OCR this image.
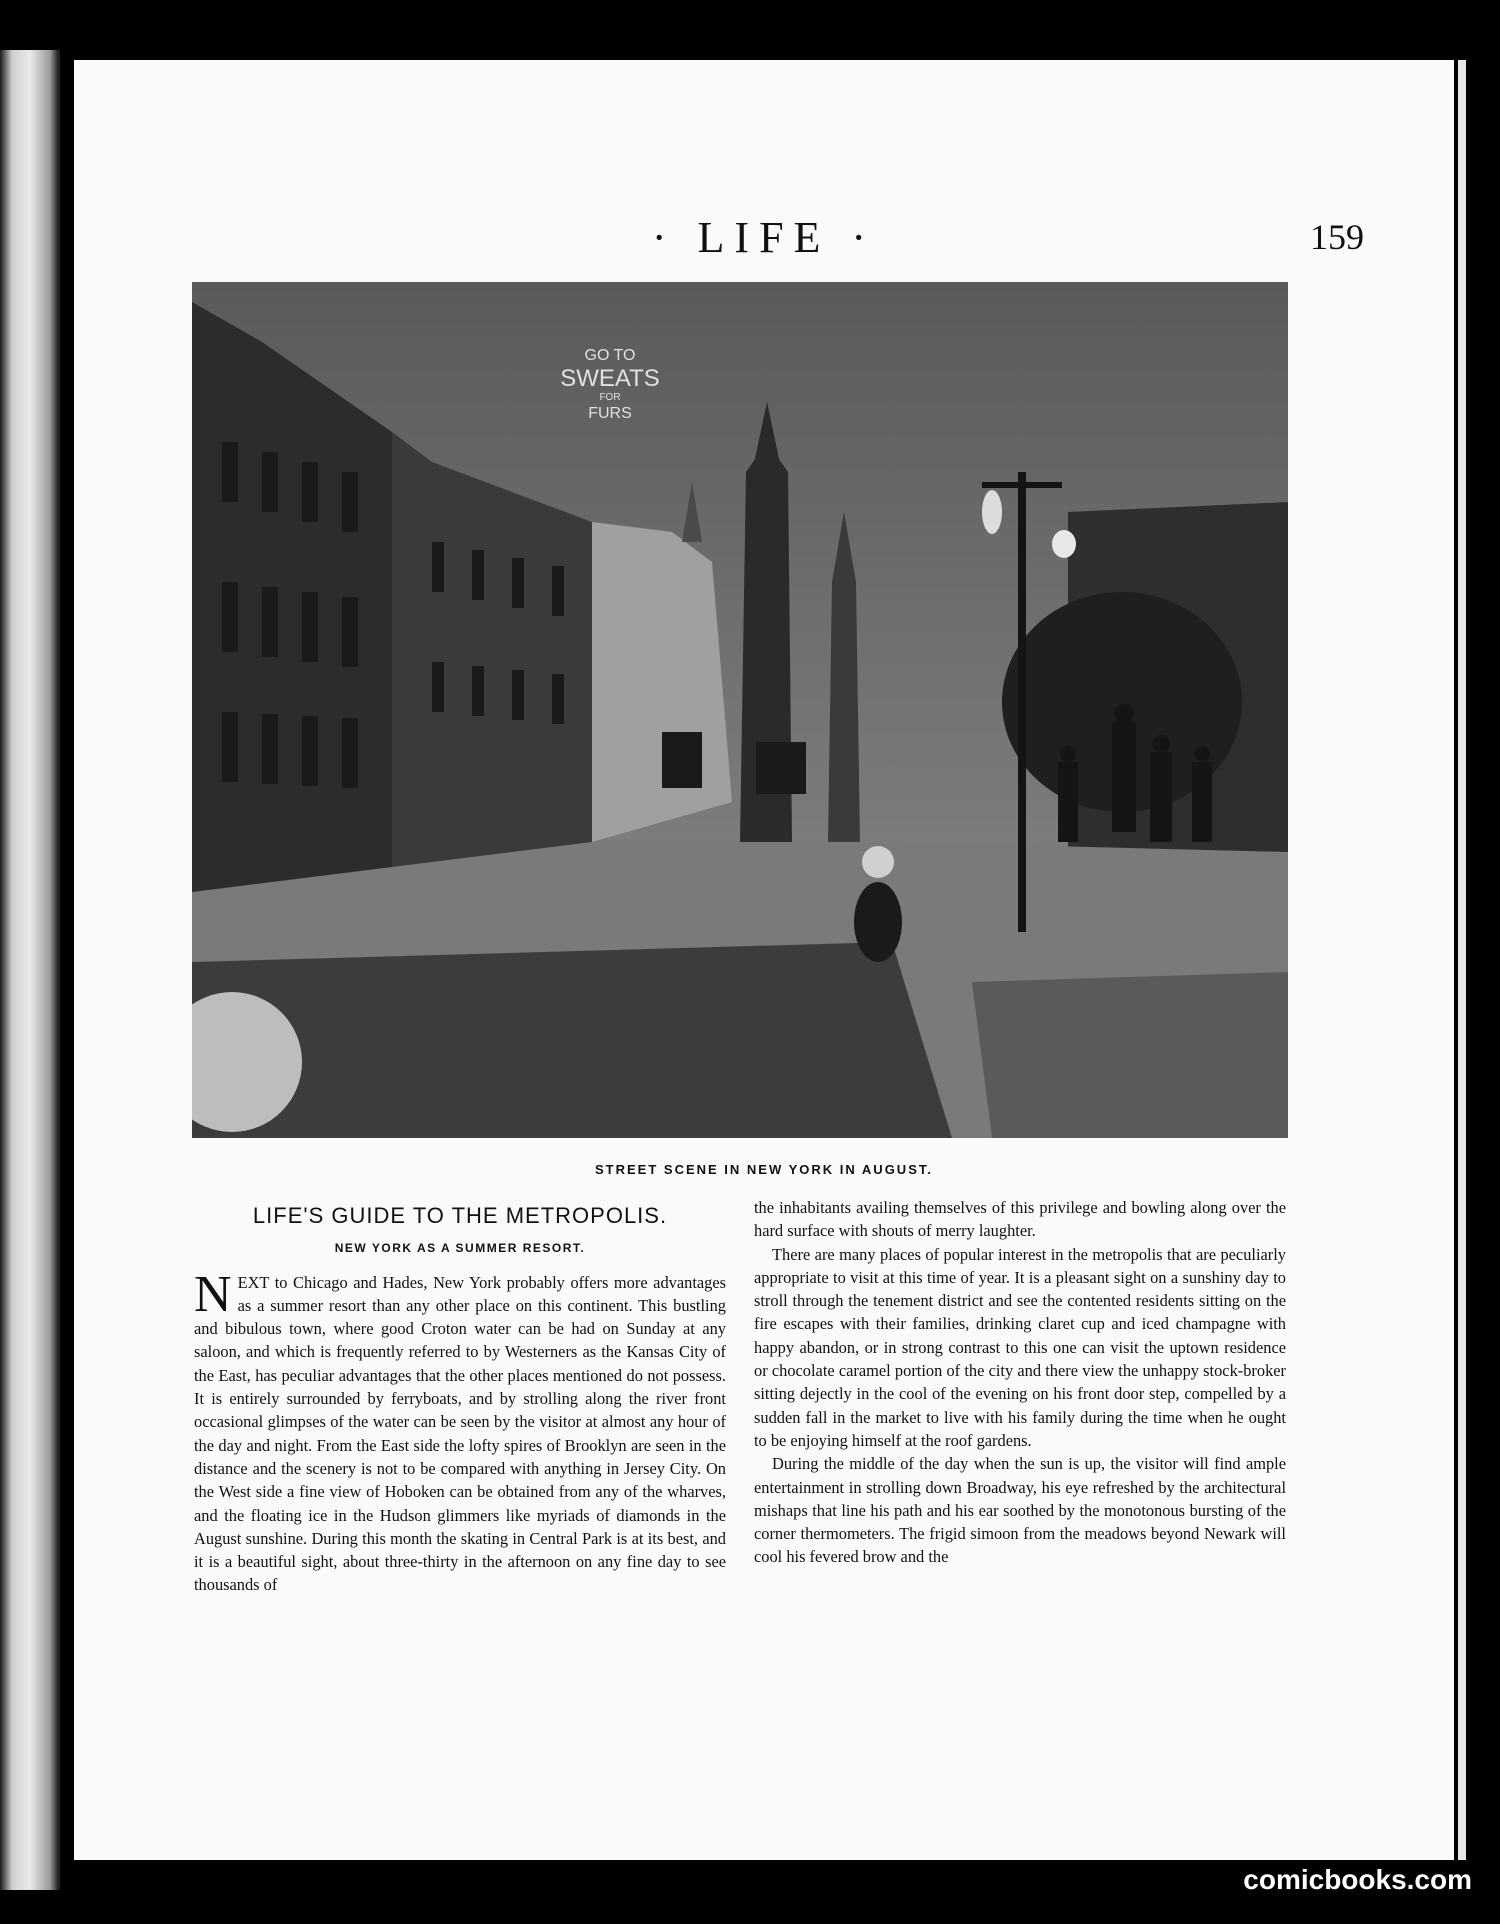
· LIFE ·	159
GO TO
SWEATS
FOR
FURS
STREET SCENE IN NEW YORK IN AUGUST.
LIFE'S GUIDE TO THE METROPOLIS.
NEW YORK AS A SUMMER RESORT.

NEXT to Chicago and Hades, New York probably offers more advantages as a summer resort than any other place on this continent. This bustling and bibulous town, where good Croton water can be had on Sunday at any saloon, and which is frequently referred to by Westerners as the Kansas City of the East, has peculiar advantages that the other places mentioned do not possess. It is entirely surrounded by ferryboats, and by strolling along the river front occasional glimpses of the water can be seen by the visitor at almost any hour of the day and night. From the East side the lofty spires of Brooklyn are seen in the distance and the scenery is not to be compared with anything in Jersey City. On the West side a fine view of Hoboken can be obtained from any of the wharves, and the floating ice in the Hudson glimmers like myriads of diamonds in the August sunshine. During this month the skating in Central Park is at its best, and it is a beautiful sight, about three-thirty in the afternoon on any fine day to see thousands of

the inhabitants availing themselves of this privilege and bowling along over the hard surface with shouts of merry laughter.

There are many places of popular interest in the metropolis that are peculiarly appropriate to visit at this time of year. It is a pleasant sight on a sunshiny day to stroll through the tenement district and see the contented residents sitting on the fire escapes with their families, drinking claret cup and iced champagne with happy abandon, or in strong contrast to this one can visit the uptown residence or chocolate caramel portion of the city and there view the unhappy stock-broker sitting dejectly in the cool of the evening on his front door step, compelled by a sudden fall in the market to live with his family during the time when he ought to be enjoying himself at the roof gardens.

During the middle of the day when the sun is up, the visitor will find ample entertainment in strolling down Broadway, his eye refreshed by the architectural mishaps that line his path and his ear soothed by the monotonous bursting of the corner thermometers. The frigid simoon from the meadows beyond Newark will cool his fevered brow and the

comicbooks.com
